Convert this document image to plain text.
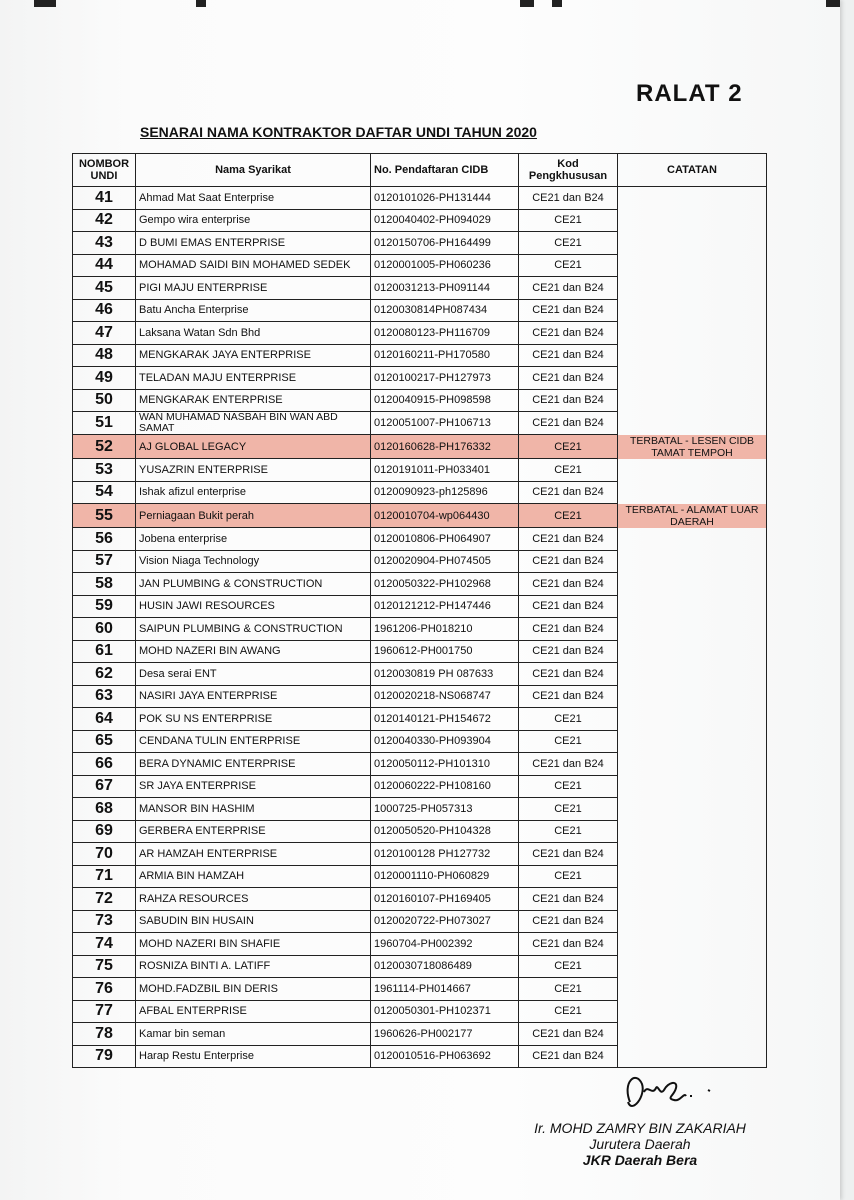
RALAT 2
SENARAI NAMA KONTRAKTOR DAFTAR UNDI TAHUN 2020
NOMBOR UNDI	Nama Syarikat	No. Pendaftaran CIDB	Kod Pengkhususan	CATATAN
41	Ahmad Mat Saat Enterprise	0120101026-PH131444	CE21 dan B24	
42	Gempo wira enterprise	0120040402-PH094029	CE21	
43	D BUMI EMAS ENTERPRISE	0120150706-PH164499	CE21	
44	MOHAMAD SAIDI BIN MOHAMED SEDEK	0120001005-PH060236	CE21	
45	PIGI MAJU ENTERPRISE	0120031213-PH091144	CE21 dan B24	
46	Batu Ancha Enterprise	0120030814PH087434	CE21 dan B24	
47	Laksana Watan Sdn Bhd	0120080123-PH116709	CE21 dan B24	
48	MENGKARAK JAYA ENTERPRISE	0120160211-PH170580	CE21 dan B24	
49	TELADAN MAJU ENTERPRISE	0120100217-PH127973	CE21 dan B24	
50	MENGKARAK ENTERPRISE	0120040915-PH098598	CE21 dan B24	
51	WAN MUHAMAD NASBAH BIN WAN ABD SAMAT	0120051007-PH106713	CE21 dan B24	
52	AJ GLOBAL LEGACY	0120160628-PH176332	CE21	TERBATAL - LESEN CIDB TAMAT TEMPOH
53	YUSAZRIN ENTERPRISE	0120191011-PH033401	CE21	
54	Ishak afizul enterprise	0120090923-ph125896	CE21 dan B24	
55	Perniagaan Bukit perah	0120010704-wp064430	CE21	TERBATAL - ALAMAT LUAR DAERAH
56	Jobena enterprise	0120010806-PH064907	CE21 dan B24	
57	Vision Niaga Technology	0120020904-PH074505	CE21 dan B24	
58	JAN PLUMBING & CONSTRUCTION	0120050322-PH102968	CE21 dan B24	
59	HUSIN JAWI RESOURCES	0120121212-PH147446	CE21 dan B24	
60	SAIPUN PLUMBING & CONSTRUCTION	1961206-PH018210	CE21 dan B24	
61	MOHD NAZERI BIN AWANG	1960612-PH001750	CE21 dan B24	
62	Desa serai ENT	0120030819 PH 087633	CE21 dan B24	
63	NASIRI JAYA ENTERPRISE	0120020218-NS068747	CE21 dan B24	
64	POK SU NS ENTERPRISE	0120140121-PH154672	CE21	
65	CENDANA TULIN ENTERPRISE	0120040330-PH093904	CE21	
66	BERA DYNAMIC ENTERPRISE	0120050112-PH101310	CE21 dan B24	
67	SR JAYA ENTERPRISE	0120060222-PH108160	CE21	
68	MANSOR BIN HASHIM	1000725-PH057313	CE21	
69	GERBERA ENTERPRISE	0120050520-PH104328	CE21	
70	AR HAMZAH ENTERPRISE	0120100128 PH127732	CE21 dan B24	
71	ARMIA BIN HAMZAH	0120001110-PH060829	CE21	
72	RAHZA RESOURCES	0120160107-PH169405	CE21 dan B24	
73	SABUDIN BIN HUSAIN	0120020722-PH073027	CE21 dan B24	
74	MOHD NAZERI BIN SHAFIE	1960704-PH002392	CE21 dan B24	
75	ROSNIZA BINTI A. LATIFF	0120030718086489	CE21	
76	MOHD.FADZBIL BIN DERIS	1961114-PH014667	CE21	
77	AFBAL ENTERPRISE	0120050301-PH102371	CE21	
78	Kamar bin seman	1960626-PH002177	CE21 dan B24	
79	Harap Restu Enterprise	0120010516-PH063692	CE21 dan B24	
Ir. MOHD ZAMRY BIN ZAKARIAH
Jurutera Daerah
JKR Daerah Bera
